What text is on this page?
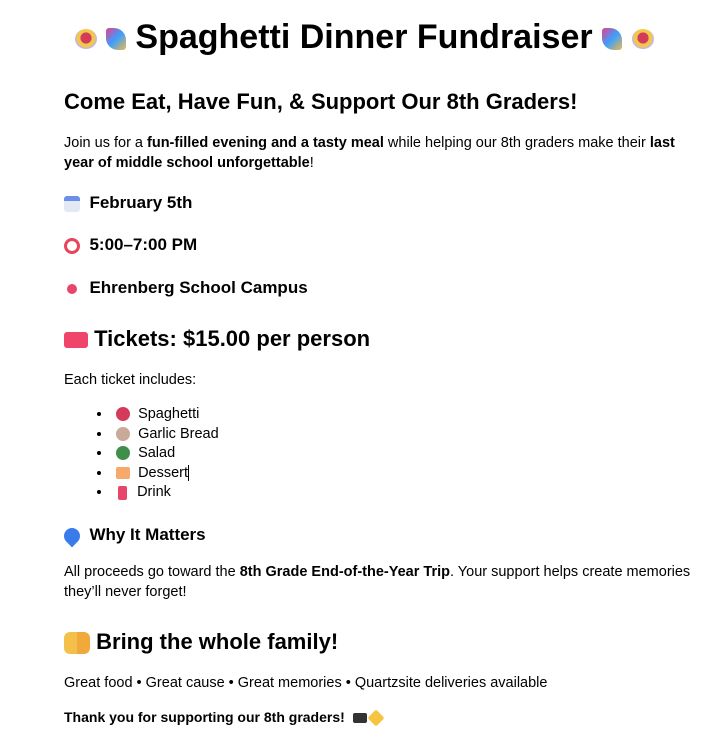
Spaghetti Dinner Fundraiser
Come Eat, Have Fun, & Support Our 8th Graders!
Join us for a fun-filled evening and a tasty meal while helping our 8th graders make their last year of middle school unforgettable!
February 5th
5:00–7:00 PM
Ehrenberg School Campus
Tickets: $15.00 per person
Each ticket includes:
• Spaghetti
• Garlic Bread
• Salad
• Dessert
• Drink
Why It Matters
All proceeds go toward the 8th Grade End-of-the-Year Trip. Your support helps create memories they’ll never forget!
Bring the whole family!
Great food • Great cause • Great memories • Quartzsite deliveries available
Thank you for supporting our 8th graders!
